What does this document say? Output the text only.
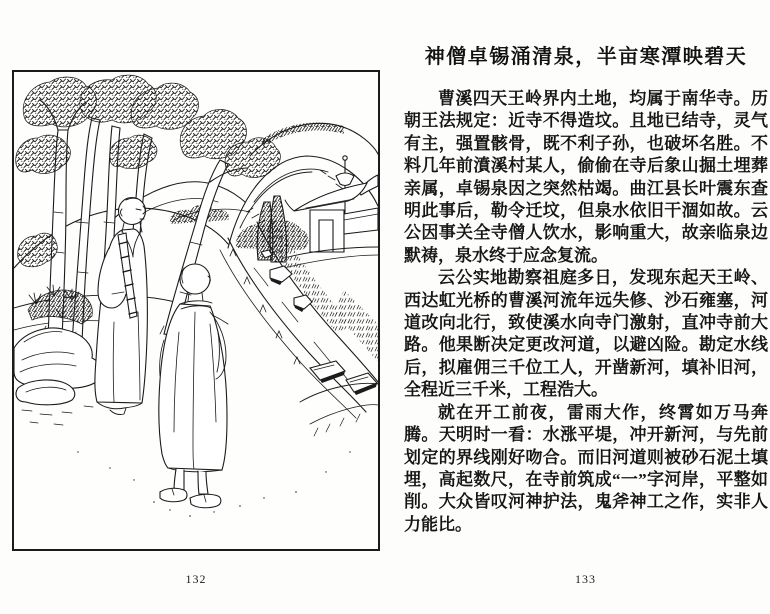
神僧卓锡涌清泉，半亩寒潭映碧天

曹溪四天王岭界内土地，均属于南华寺。历朝王法规定：近寺不得造坟。且地已结寺，灵气有主，强置骸骨，既不利子孙，也破坏名胜。不料几年前濆溪村某人，偷偷在寺后象山掘土埋葬亲属，卓锡泉因之突然枯竭。曲江县长叶震东查明此事后，勒令迁坟，但泉水依旧干涸如故。云公因事关全寺僧人饮水，影响重大，故亲临泉边默祷，泉水终于应念复流。

云公实地勘察祖庭多日，发现东起天王岭、西达虹光桥的曹溪河流年远失修、沙石雍塞，河道改向北行，致使溪水向寺门激射，直冲寺前大路。他果断决定更改河道，以避凶险。勘定水线后，拟雇佣三千位工人，开凿新河，填补旧河，全程近三千米，工程浩大。

就在开工前夜，雷雨大作，终霄如万马奔腾。天明时一看：水涨平堤，冲开新河，与先前划定的界线刚好吻合。而旧河道则被砂石泥土填埋，高起数尺，在寺前筑成“一”字河岸，平整如削。大众皆叹河神护法，鬼斧神工之作，实非人力能比。

132	133
